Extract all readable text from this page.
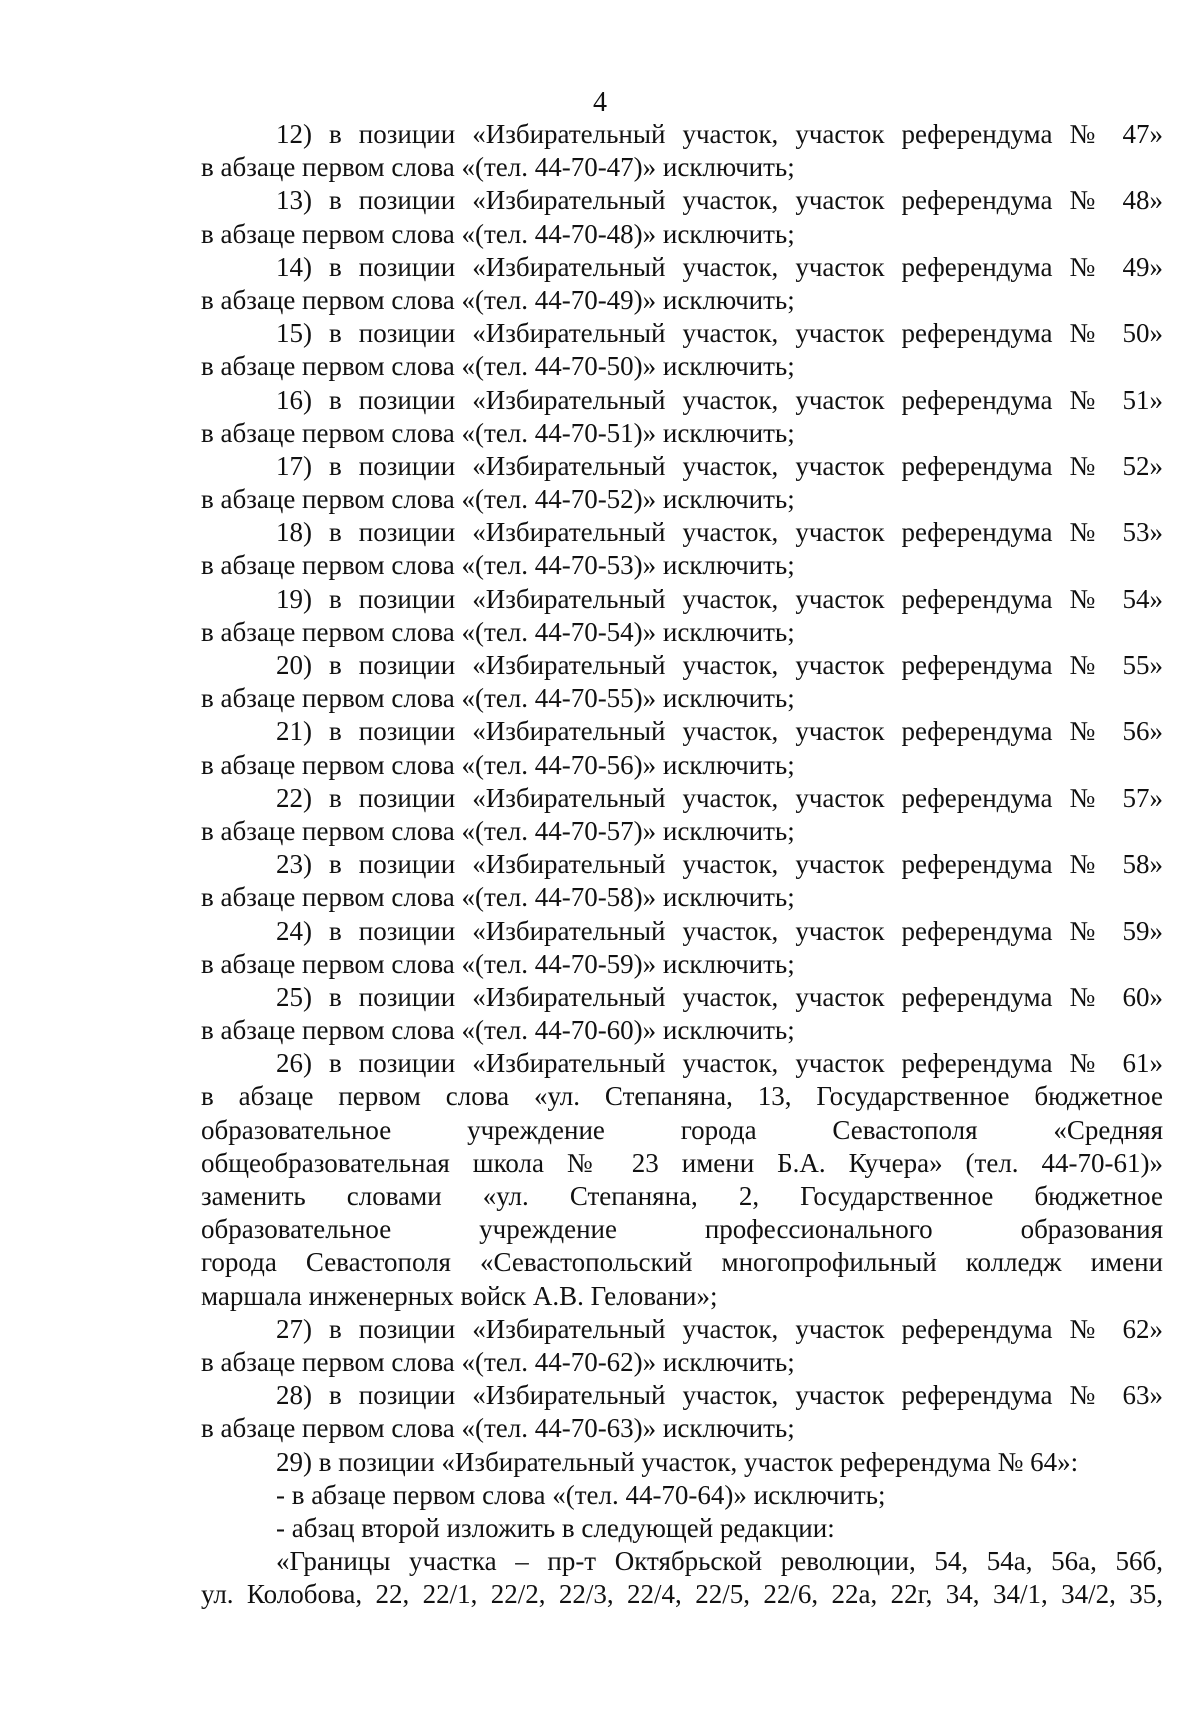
4
12) в позиции «Избирательный участок, участок референдума № 47»
в абзаце первом слова «(тел. 44-70-47)» исключить;
13) в позиции «Избирательный участок, участок референдума № 48»
в абзаце первом слова «(тел. 44-70-48)» исключить;
14) в позиции «Избирательный участок, участок референдума № 49»
в абзаце первом слова «(тел. 44-70-49)» исключить;
15) в позиции «Избирательный участок, участок референдума № 50»
в абзаце первом слова «(тел. 44-70-50)» исключить;
16) в позиции «Избирательный участок, участок референдума № 51»
в абзаце первом слова «(тел. 44-70-51)» исключить;
17) в позиции «Избирательный участок, участок референдума № 52»
в абзаце первом слова «(тел. 44-70-52)» исключить;
18) в позиции «Избирательный участок, участок референдума № 53»
в абзаце первом слова «(тел. 44-70-53)» исключить;
19) в позиции «Избирательный участок, участок референдума № 54»
в абзаце первом слова «(тел. 44-70-54)» исключить;
20) в позиции «Избирательный участок, участок референдума № 55»
в абзаце первом слова «(тел. 44-70-55)» исключить;
21) в позиции «Избирательный участок, участок референдума № 56»
в абзаце первом слова «(тел. 44-70-56)» исключить;
22) в позиции «Избирательный участок, участок референдума № 57»
в абзаце первом слова «(тел. 44-70-57)» исключить;
23) в позиции «Избирательный участок, участок референдума № 58»
в абзаце первом слова «(тел. 44-70-58)» исключить;
24) в позиции «Избирательный участок, участок референдума № 59»
в абзаце первом слова «(тел. 44-70-59)» исключить;
25) в позиции «Избирательный участок, участок референдума № 60»
в абзаце первом слова «(тел. 44-70-60)» исключить;
26) в позиции «Избирательный участок, участок референдума № 61»
в абзаце первом слова «ул. Степаняна, 13, Государственное бюджетное
образовательное учреждение города Севастополя «Средняя
общеобразовательная школа № 23 имени Б.А. Кучера» (тел. 44-70-61)»
заменить словами «ул. Степаняна, 2, Государственное бюджетное
образовательное учреждение профессионального образования
города Севастополя «Севастопольский многопрофильный колледж имени
маршала инженерных войск А.В. Геловани»;
27) в позиции «Избирательный участок, участок референдума № 62»
в абзаце первом слова «(тел. 44-70-62)» исключить;
28) в позиции «Избирательный участок, участок референдума № 63»
в абзаце первом слова «(тел. 44-70-63)» исключить;
29) в позиции «Избирательный участок, участок референдума № 64»:
- в абзаце первом слова «(тел. 44-70-64)» исключить;
- абзац второй изложить в следующей редакции:
«Границы участка – пр-т Октябрьской революции, 54, 54а, 56а, 56б,
ул. Колобова, 22, 22/1, 22/2, 22/3, 22/4, 22/5, 22/6, 22а, 22г, 34, 34/1, 34/2, 35,
